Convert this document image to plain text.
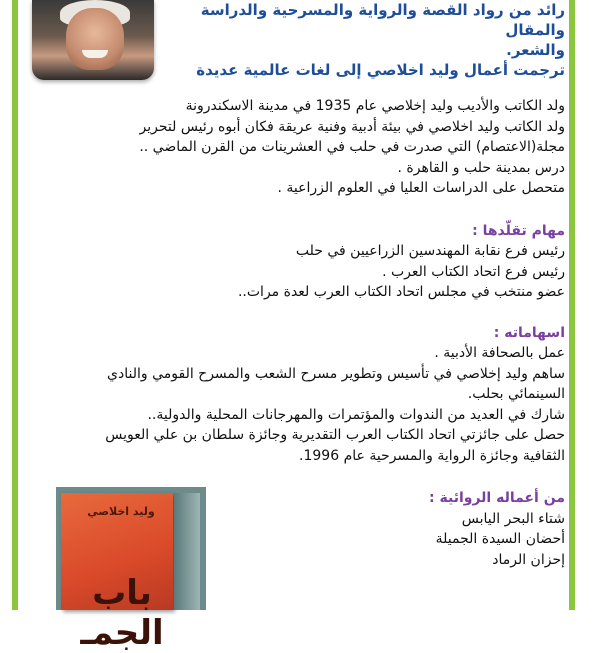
رائد من رواد القصة والرواية والمسرحية والدراسة والمقال

والشعر.

ترجمت أعمال وليد اخلاصي إلى لغات عالمية عديدة

ولد الكاتب والأديب وليد إخلاصي عام 1935 في مدينة الاسكندرونة

ولد الكاتب وليد اخلاصي في بيئة أدبية وفنية عريقة فكان أبوه رئيس لتحرير

مجلة(الاعتصام) التي صدرت في حلب في العشرينات من القرن الماضي ..

درس بمدينة حلب و القاهرة .

متحصل على الدراسات العليا في العلوم الزراعية .

مهام تقلّدها :

رئيس فرع نقابة المهندسين الزراعيين في حلب

رئيس فرع اتحاد الكتاب العرب .

عضو منتخب في مجلس اتحاد الكتاب العرب لعدة مرات..

اسهاماته :

عمل بالصحافة الأدبية .

ساهم وليد إخلاصي في تأسيس وتطوير مسرح الشعب والمسرح القومي والنادي

السينمائي بحلب.

شارك في العديد من الندوات والمؤتمرات والمهرجانات المحلية والدولية..

حصل على جائزتي اتحاد الكتاب العرب التقديرية وجائزة سلطان بن علي العويس

الثقافية وجائزة الرواية والمسرحية عام 1996.

من أعماله الروائية :

شتاء البحر اليابس

أحضان السيدة الجميلة

إحزان الرماد

وليد اخلاصي
باب الجمـ
